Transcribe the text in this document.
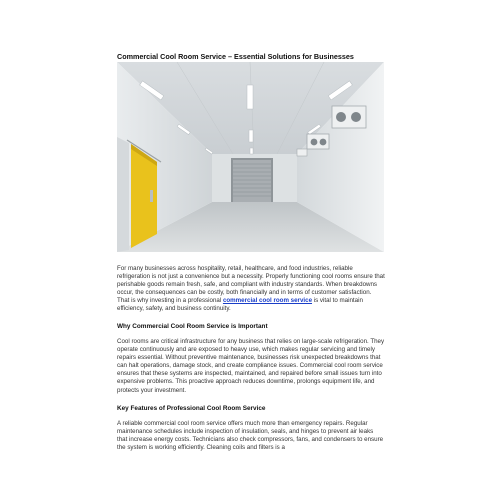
Commercial Cool Room Service – Essential Solutions for Businesses
For many businesses across hospitality, retail, healthcare, and food industries, reliable refrigeration is not just a convenience but a necessity. Properly functioning cool rooms ensure that perishable goods remain fresh, safe, and compliant with industry standards. When breakdowns occur, the consequences can be costly, both financially and in terms of customer satisfaction. That is why investing in a professional commercial cool room service is vital to maintain efficiency, safety, and business continuity.
Why Commercial Cool Room Service is Important
Cool rooms are critical infrastructure for any business that relies on large-scale refrigeration. They operate continuously and are exposed to heavy use, which makes regular servicing and timely repairs essential. Without preventive maintenance, businesses risk unexpected breakdowns that can halt operations, damage stock, and create compliance issues. Commercial cool room service ensures that these systems are inspected, maintained, and repaired before small issues turn into expensive problems. This proactive approach reduces downtime, prolongs equipment life, and protects your investment.
Key Features of Professional Cool Room Service
A reliable commercial cool room service offers much more than emergency repairs. Regular maintenance schedules include inspection of insulation, seals, and hinges to prevent air leaks that increase energy costs. Technicians also check compressors, fans, and condensers to ensure the system is working efficiently. Cleaning coils and filters is a
